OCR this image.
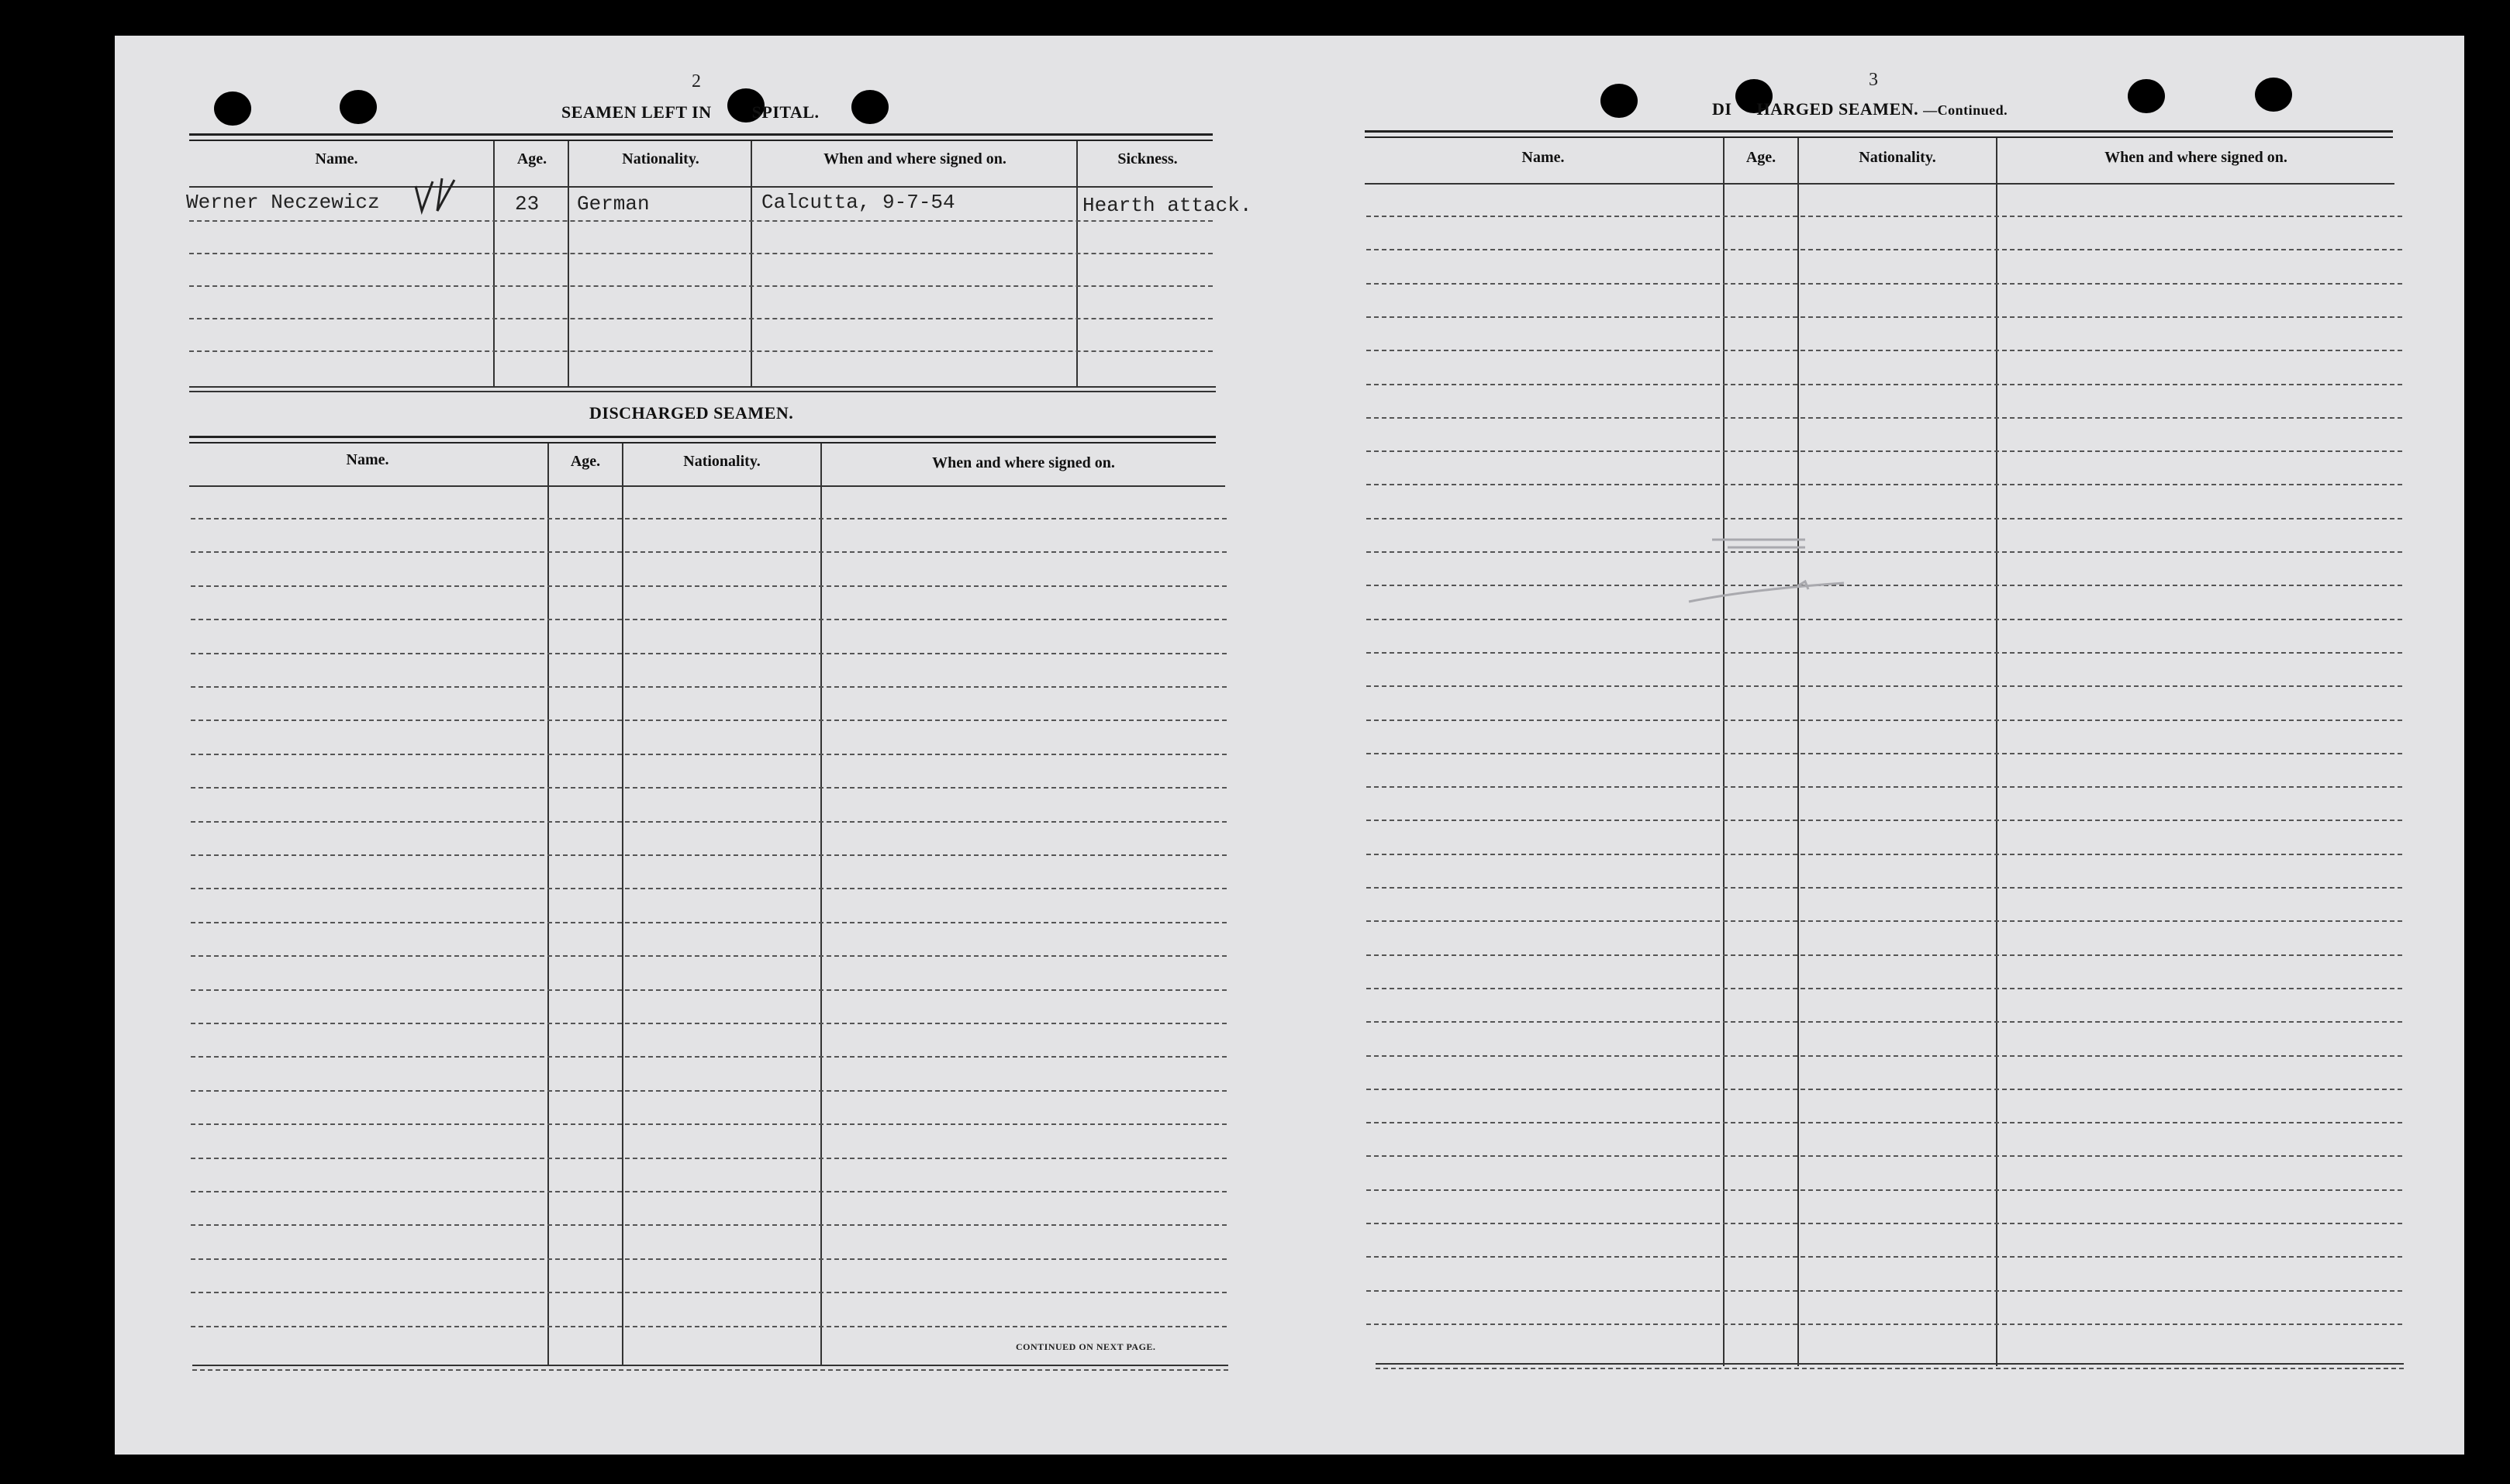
2
SEAMEN LEFT IN SPITAL.
Name.	Age.	Nationality.	When and where signed on.	Sickness.
Werner Neczewicz	23 German	Calcutta, 9-7-54	Hearth attack.
DISCHARGED SEAMEN.
Name.	Age.	Nationality.	When and where signed on.
CONTINUED ON NEXT PAGE.
3
DI HARGED SEAMEN. —Continued.
Name.	Age.	Nationality.	When and where signed on.
